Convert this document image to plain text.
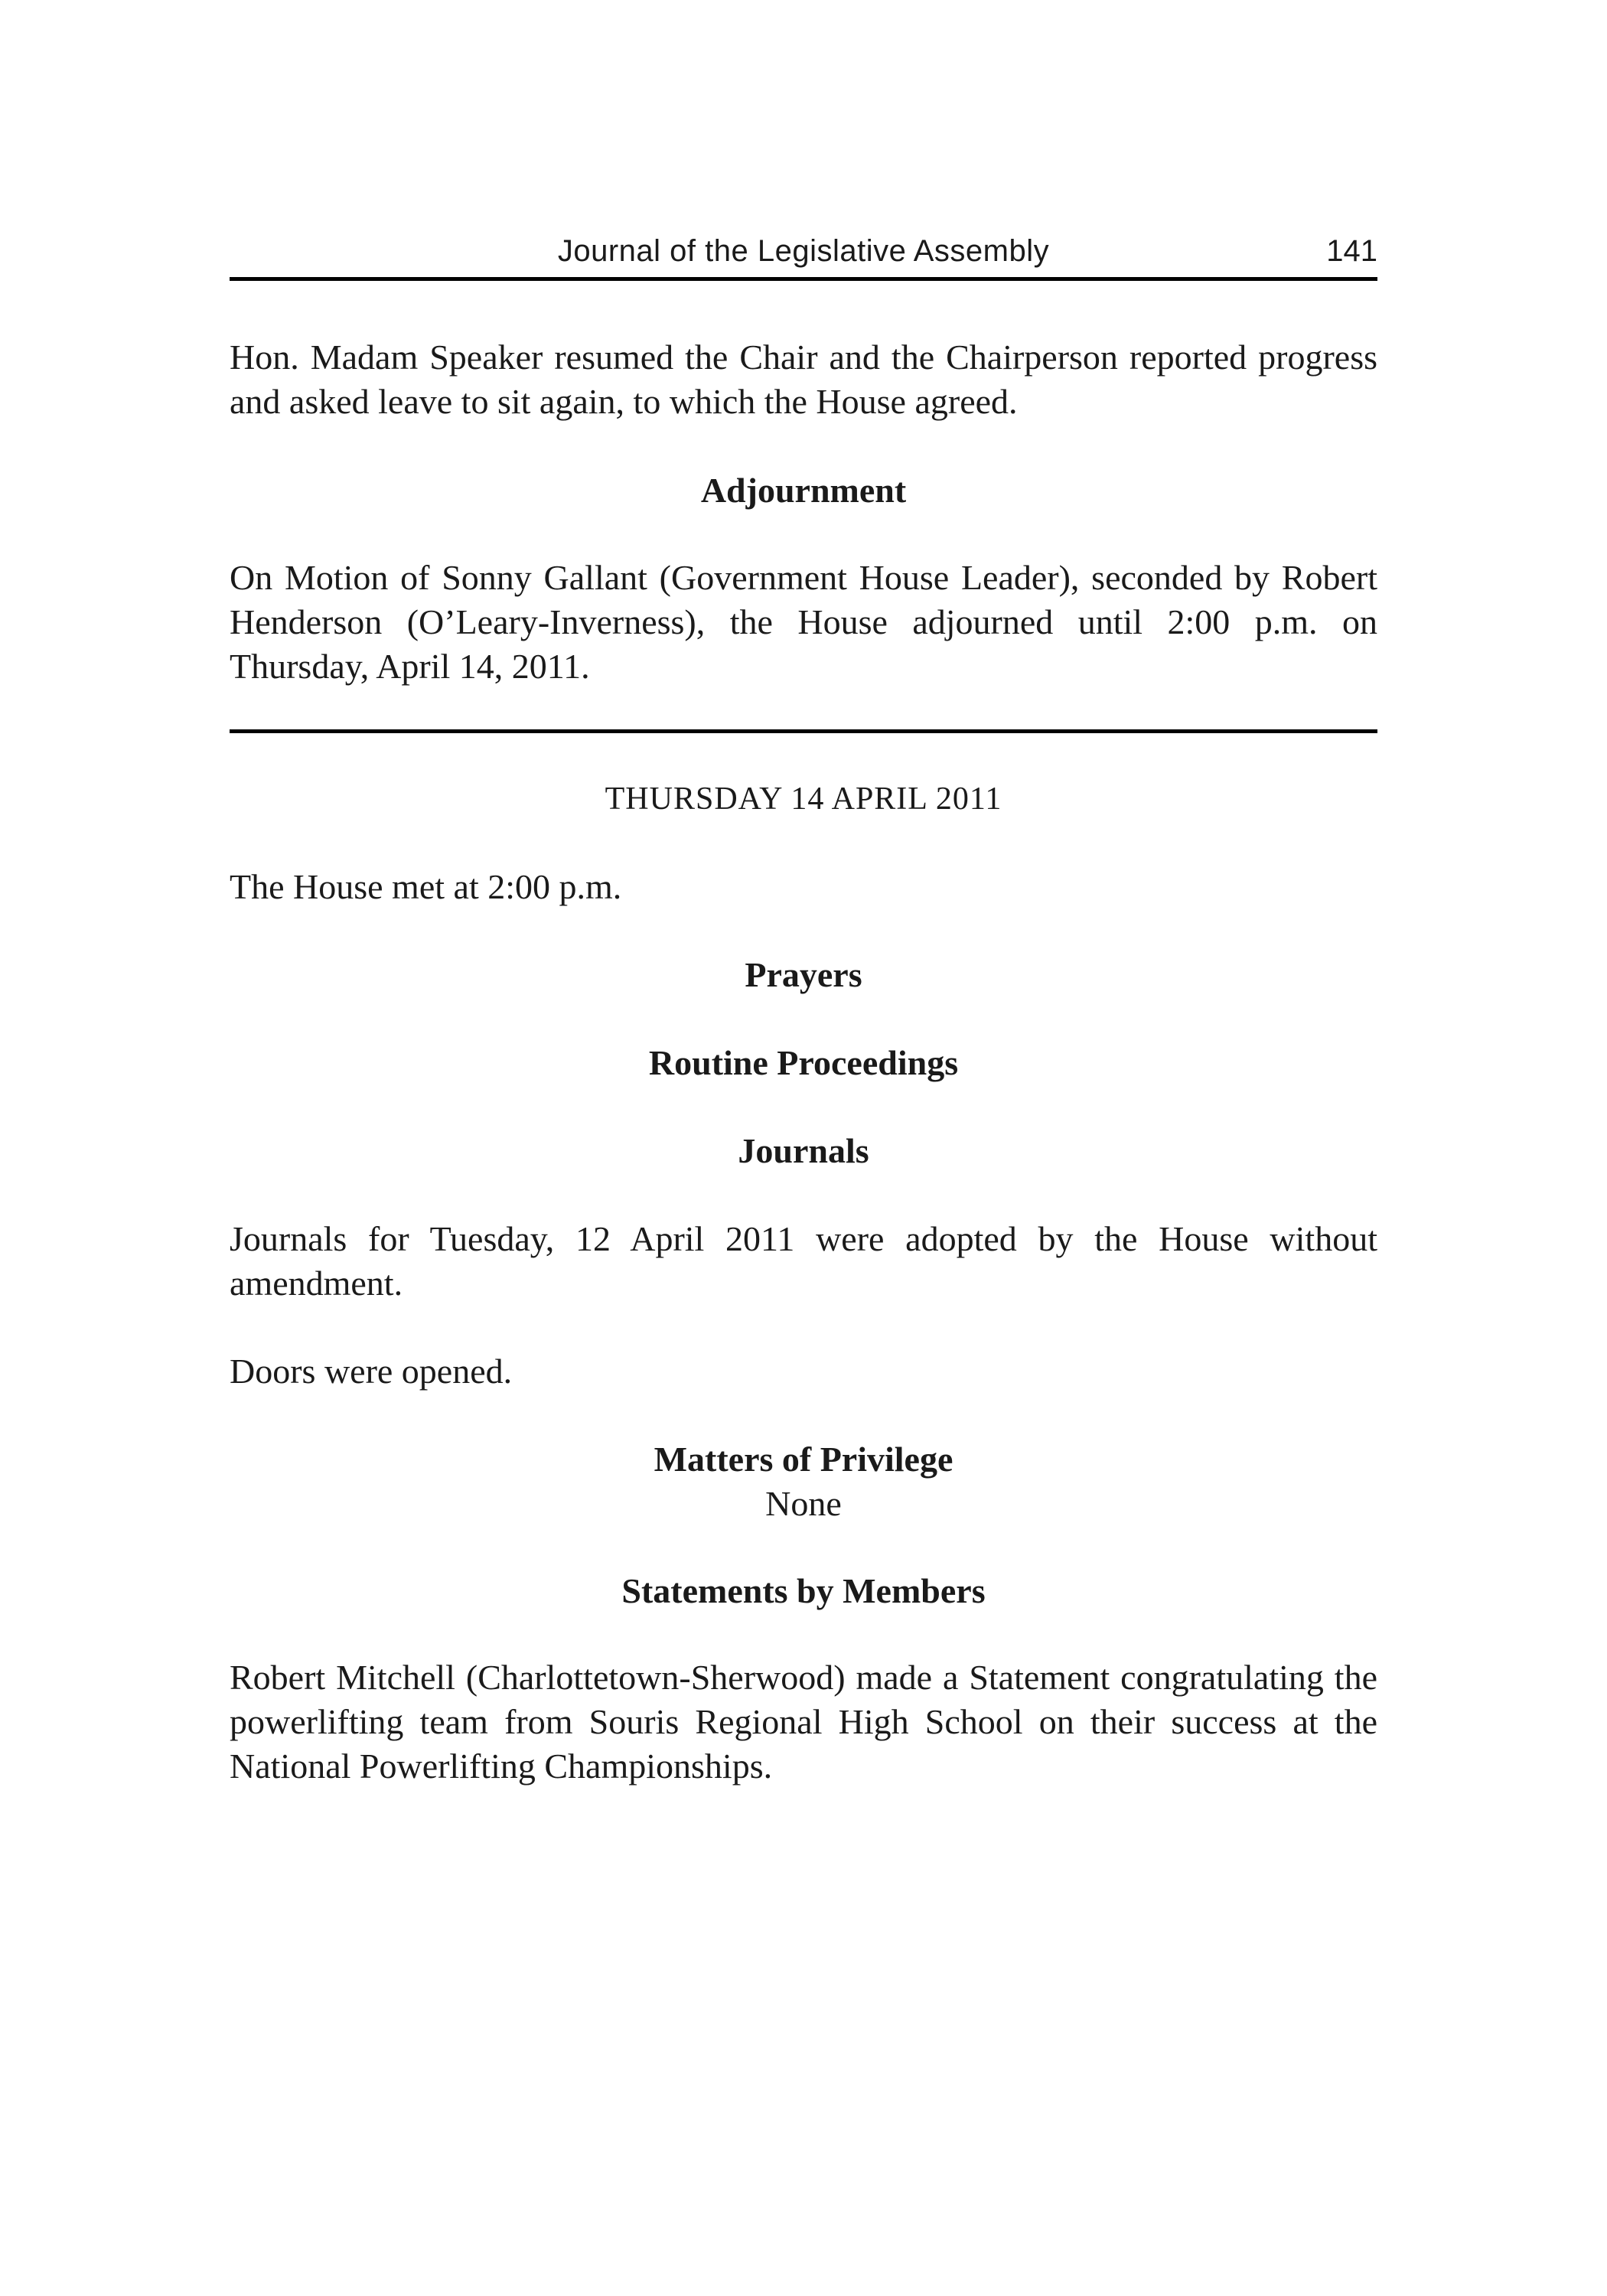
Journal of the Legislative Assembly	141

Hon. Madam Speaker resumed the Chair and the Chairperson reported progress and asked leave to sit again, to which the House agreed.

Adjournment

On Motion of Sonny Gallant (Government House Leader), seconded by Robert Henderson (O’Leary-Inverness), the House adjourned until 2:00 p.m. on Thursday, April 14, 2011.

THURSDAY 14 APRIL 2011

The House met at 2:00 p.m.

Prayers
Routine Proceedings
Journals

Journals for Tuesday, 12 April 2011 were adopted by the House without amendment.

Doors were opened.

Matters of Privilege

None

Statements by Members

Robert Mitchell (Charlottetown-Sherwood) made a Statement congratulating the powerlifting team from Souris Regional High School on their success at the National Powerlifting Championships.
